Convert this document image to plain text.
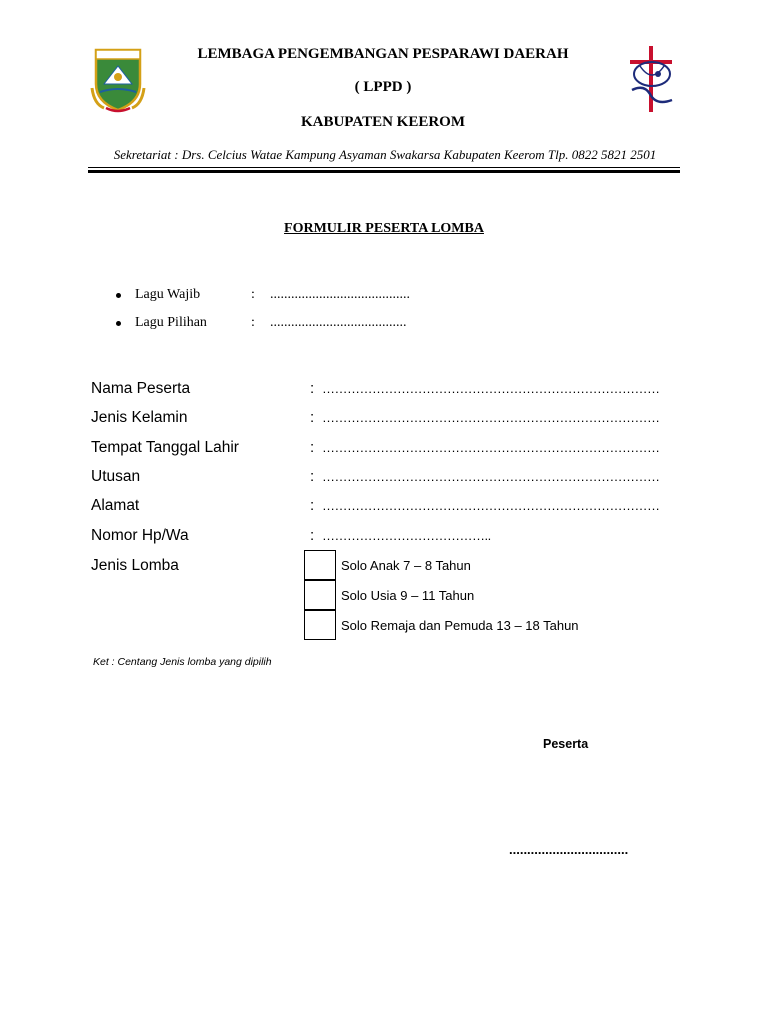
LEMBAGA PENGEMBANGAN PESPARAWI DAERAH
( LPPD )
KABUPATEN KEEROM
Sekretariat : Drs. Celcius Watae Kampung Asyaman Swakarsa Kabupaten Keerom Tlp. 0822 5821 2501
FORMULIR PESERTA LOMBA
Lagu Wajib	: ........................................
Lagu Pilihan	: .......................................
Nama Peserta	: ………………………………………………………………………
Jenis Kelamin	: ………………………………………………………………………
Tempat Tanggal Lahir	: ………………………………………………………………………
Utusan	: ………………………………………………………………………
Alamat	: ………………………………………………………………………
Nomor Hp/Wa	: …………………………………..
Jenis Lomba	Solo Anak 7 – 8 Tahun
Solo Usia 9 – 11 Tahun
Solo Remaja dan Pemuda 13 – 18 Tahun
Ket : Centang Jenis lomba yang dipilih
Peserta
.................................
